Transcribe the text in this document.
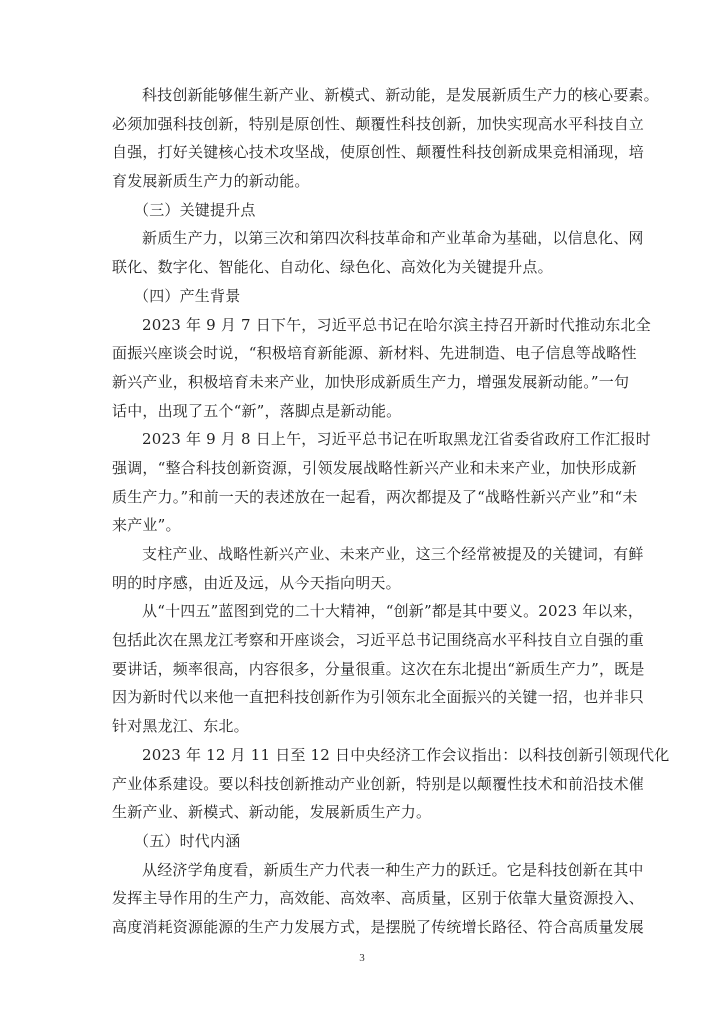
科技创新能够催生新产业、新模式、新动能，是发展新质生产力的核心要素。
必须加强科技创新，特别是原创性、颠覆性科技创新，加快实现高水平科技自立
自强，打好关键核心技术攻坚战，使原创性、颠覆性科技创新成果竞相涌现，培
育发展新质生产力的新动能。
（三）关键提升点
新质生产力，以第三次和第四次科技革命和产业革命为基础，以信息化、网
联化、数字化、智能化、自动化、绿色化、高效化为关键提升点。
（四）产生背景
2023 年 9 月 7 日下午，习近平总书记在哈尔滨主持召开新时代推动东北全
面振兴座谈会时说，“积极培育新能源、新材料、先进制造、电子信息等战略性
新兴产业，积极培育未来产业，加快形成新质生产力，增强发展新动能。”一句
话中，出现了五个“新”，落脚点是新动能。
2023 年 9 月 8 日上午，习近平总书记在听取黑龙江省委省政府工作汇报时
强调，“整合科技创新资源，引领发展战略性新兴产业和未来产业，加快形成新
质生产力。”和前一天的表述放在一起看，两次都提及了“战略性新兴产业”和“未
来产业”。
支柱产业、战略性新兴产业、未来产业，这三个经常被提及的关键词，有鲜
明的时序感，由近及远，从今天指向明天。
从“十四五”蓝图到党的二十大精神，“创新”都是其中要义。2023 年以来，
包括此次在黑龙江考察和开座谈会，习近平总书记围绕高水平科技自立自强的重
要讲话，频率很高，内容很多，分量很重。这次在东北提出“新质生产力”，既是
因为新时代以来他一直把科技创新作为引领东北全面振兴的关键一招，也并非只
针对黑龙江、东北。
2023 年 12 月 11 日至 12 日中央经济工作会议指出：以科技创新引领现代化
产业体系建设。要以科技创新推动产业创新，特别是以颠覆性技术和前沿技术催
生新产业、新模式、新动能，发展新质生产力。
（五）时代内涵
从经济学角度看，新质生产力代表一种生产力的跃迁。它是科技创新在其中
发挥主导作用的生产力，高效能、高效率、高质量，区别于依靠大量资源投入、
高度消耗资源能源的生产力发展方式，是摆脱了传统增长路径、符合高质量发展
3
